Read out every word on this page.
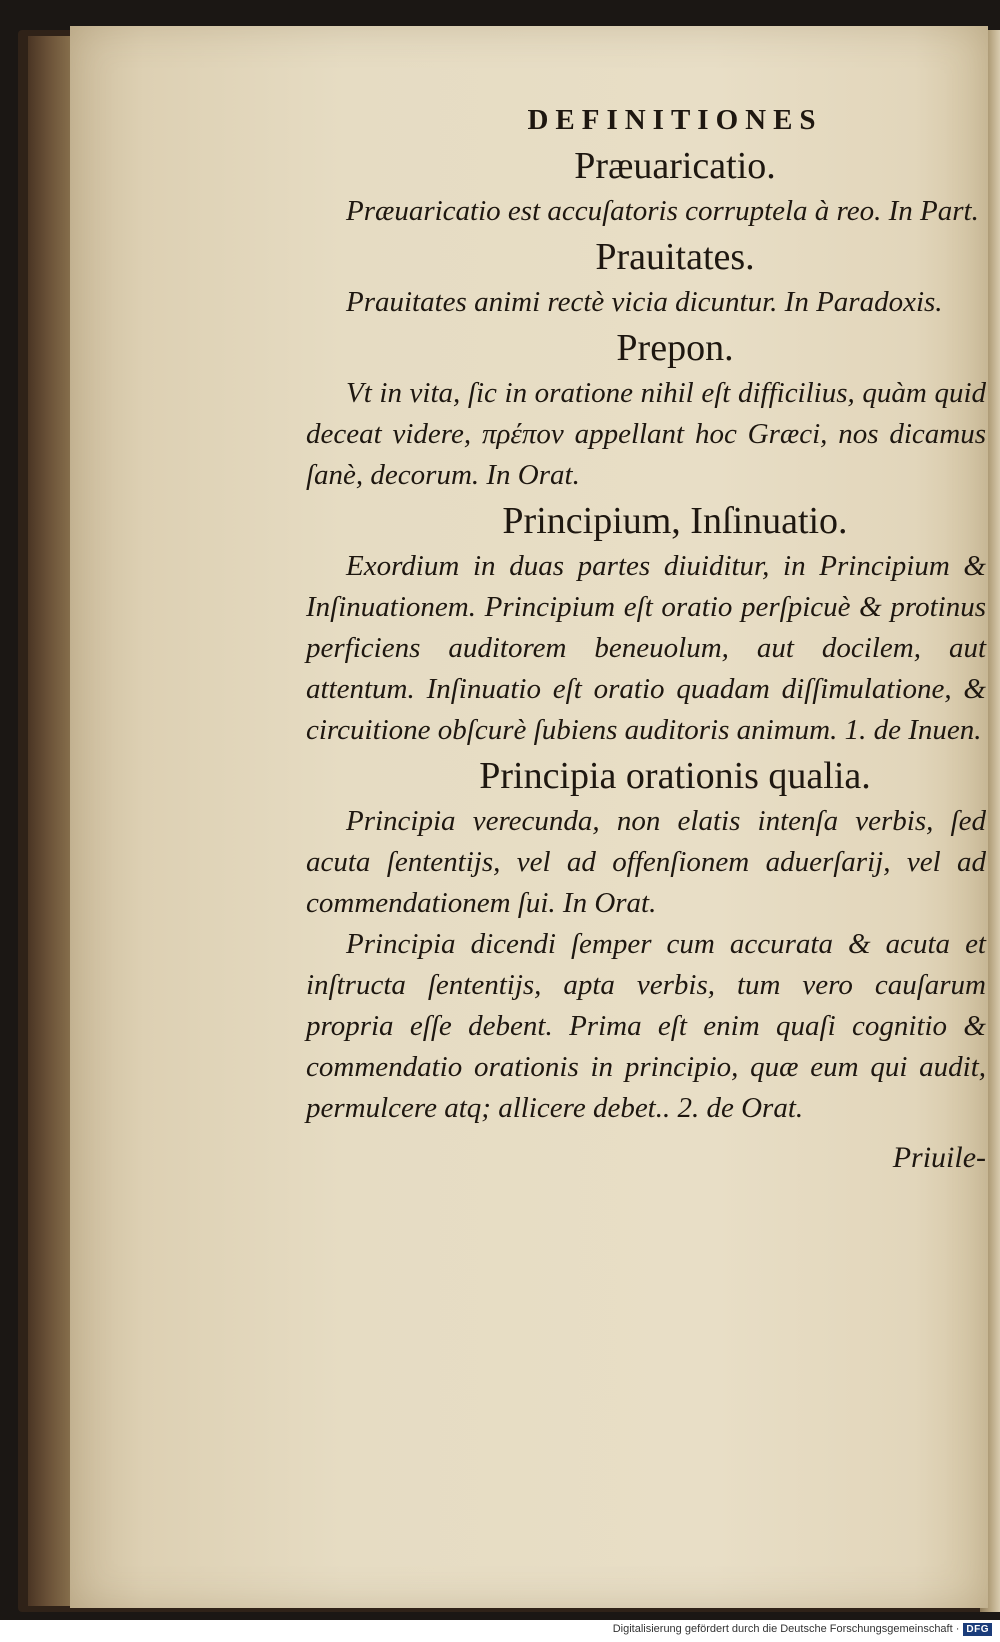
DEFINITIONES
Præuaricatio.

Præuaricatio est accuſatoris corruptela à reo. In Part.

Prauitates.

Prauitates animi rectè vicia dicuntur. In Paradoxis.

Prepon.

Vt in vita, ſic in oratione nihil eſt difficilius, quàm quid deceat videre, πρέπον appellant hoc Græci, nos dicamus ſanè, decorum. In Orat.

Principium, Inſinuatio.

Exordium in duas partes diuiditur, in Principium & Inſinuationem. Principium eſt oratio perſpicuè & protinus perficiens auditorem beneuolum, aut docilem, aut attentum. Inſinuatio eſt oratio quadam diſſimulatione, & circuitione obſcurè ſubiens auditoris animum. 1. de Inuen.

Principia orationis qualia.

Principia verecunda, non elatis intenſa verbis, ſed acuta ſententijs, vel ad offenſionem aduerſarij, vel ad commendationem ſui. In Orat.

Principia dicendi ſemper cum accurata & acuta et inſtructa ſententijs, apta verbis, tum vero cauſarum propria eſſe debent. Prima eſt enim quaſi cognitio & commendatio orationis in principio, quæ eum qui audit, permulcere atq; allicere debet.. 2. de Orat.

Priuile-
Digitalisierung gefördert durch die Deutsche Forschungsgemeinschaft · DFG
